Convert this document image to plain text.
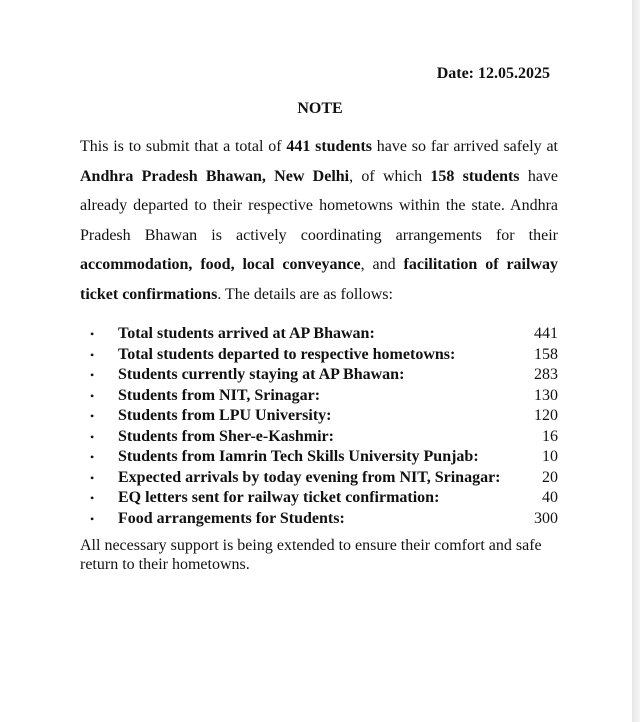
Date: 12.05.2025
NOTE
This is to submit that a total of 441 students have so far arrived safely at Andhra Pradesh Bhawan, New Delhi, of which 158 students have already departed to their respective hometowns within the state. Andhra Pradesh Bhawan is actively coordinating arrangements for their accommodation, food, local conveyance, and facilitation of railway ticket confirmations. The details are as follows:
•	Total students arrived at AP Bhawan:	441
•	Total students departed to respective hometowns:	158
•	Students currently staying at AP Bhawan:	283
•	Students from NIT, Srinagar:	130
•	Students from LPU University:	120
•	Students from Sher-e-Kashmir:	16
•	Students from Iamrin Tech Skills University Punjab:	10
•	Expected arrivals by today evening from NIT, Srinagar:	20
•	EQ letters sent for railway ticket confirmation:	40
•	Food arrangements for Students:	300
All necessary support is being extended to ensure their comfort and safe return to their hometowns.
